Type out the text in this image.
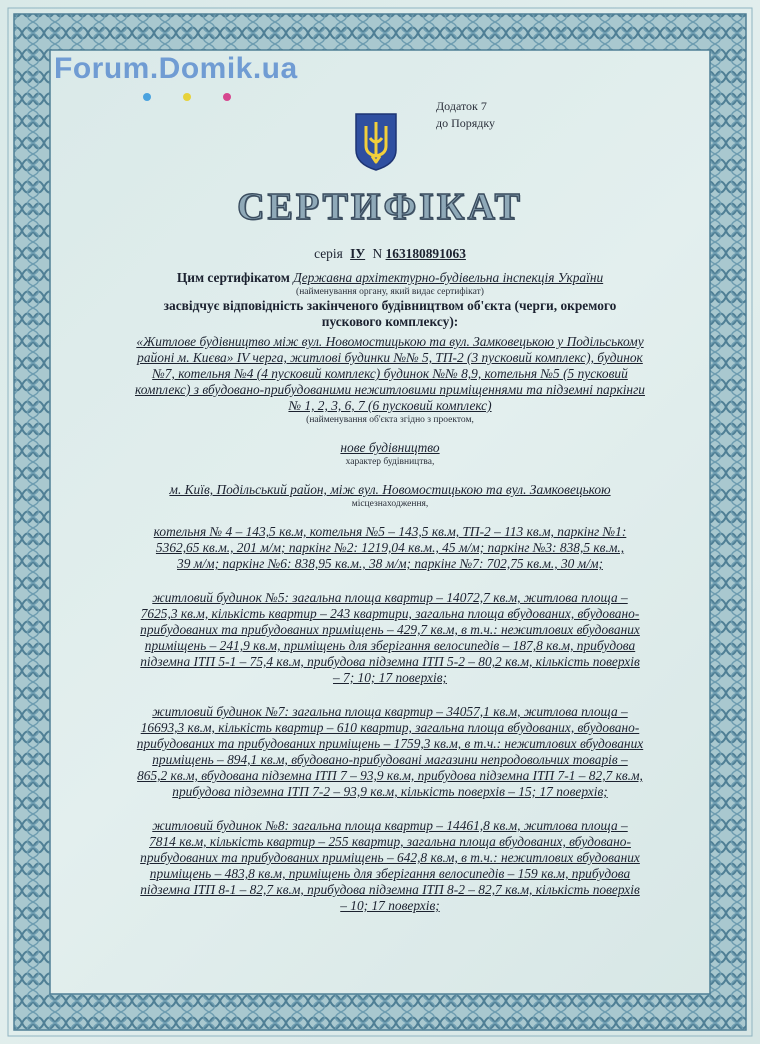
Forum.Domik.ua
Додаток 7
до Порядку
СЕРТИФІКАТ

серія ІУ N 163180891063

Цим сертифікатом Державна архітектурно-будівельна інспекція України

(найменування органу, який видає сертифікат)

засвідчує відповідність закінченого будівництвом об'єкта (черги, окремого

пускового комплексу):

«Житлове будівництво між вул. Новомостицькою та вул. Замковецькою у Подільському

районі м. Києва» IV черга, житлові будинки №№ 5, ТП-2 (3 пусковий комплекс), будинок

№7, котельня №4 (4 пусковий комплекс) будинок №№ 8,9, котельня №5 (5 пусковий

комплекс) з вбудовано-прибудованими нежитловими приміщеннями та підземні паркінги

№ 1, 2, 3, 6, 7 (6 пусковий комплекс)

(найменування об'єкта згідно з проектом,

нове будівництво

характер будівництва,

м. Київ, Подільський район, між вул. Новомостицькою та вул. Замковецькою

місцезнаходження,

котельня № 4 – 143,5 кв.м, котельня №5 – 143,5 кв.м, ТП-2 – 113 кв.м, паркінг №1:

5362,65 кв.м., 201 м/м; паркінг №2: 1219,04 кв.м., 45 м/м; паркінг №3: 838,5 кв.м.,

39 м/м; паркінг №6: 838,95 кв.м., 38 м/м; паркінг №7: 702,75 кв.м., 30 м/м;

житловий будинок №5: загальна площа квартир – 14072,7 кв.м, житлова площа –

7625,3 кв.м, кількість квартир – 243 квартири, загальна площа вбудованих, вбудовано-

прибудованих та прибудованих приміщень – 429,7 кв.м, в т.ч.: нежитлових вбудованих

приміщень – 241,9 кв.м, приміщень для зберігання велосипедів – 187,8 кв.м, прибудова

підземна ІТП 5-1 – 75,4 кв.м, прибудова підземна ІТП 5-2 – 80,2 кв.м, кількість поверхів

– 7; 10; 17 поверхів;

житловий будинок №7: загальна площа квартир – 34057,1 кв.м, житлова площа –

16693,3 кв.м, кількість квартир – 610 квартир, загальна площа вбудованих, вбудовано-

прибудованих та прибудованих приміщень – 1759,3 кв.м, в т.ч.: нежитлових вбудованих

приміщень – 894,1 кв.м, вбудовано-прибудовані магазини непродовольчих товарів –

865,2 кв.м, вбудована підземна ІТП 7 – 93,9 кв.м, прибудова підземна ІТП 7-1 – 82,7 кв.м,

прибудова підземна ІТП 7-2 – 93,9 кв.м, кількість поверхів – 15; 17 поверхів;

житловий будинок №8: загальна площа квартир – 14461,8 кв.м, житлова площа –

7814 кв.м, кількість квартир – 255 квартир, загальна площа вбудованих, вбудовано-

прибудованих та прибудованих приміщень – 642,8 кв.м, в т.ч.: нежитлових вбудованих

приміщень – 483,8 кв.м, приміщень для зберігання велосипедів – 159 кв.м, прибудова

підземна ІТП 8-1 – 82,7 кв.м, прибудова підземна ІТП 8-2 – 82,7 кв.м, кількість поверхів

– 10; 17 поверхів;
